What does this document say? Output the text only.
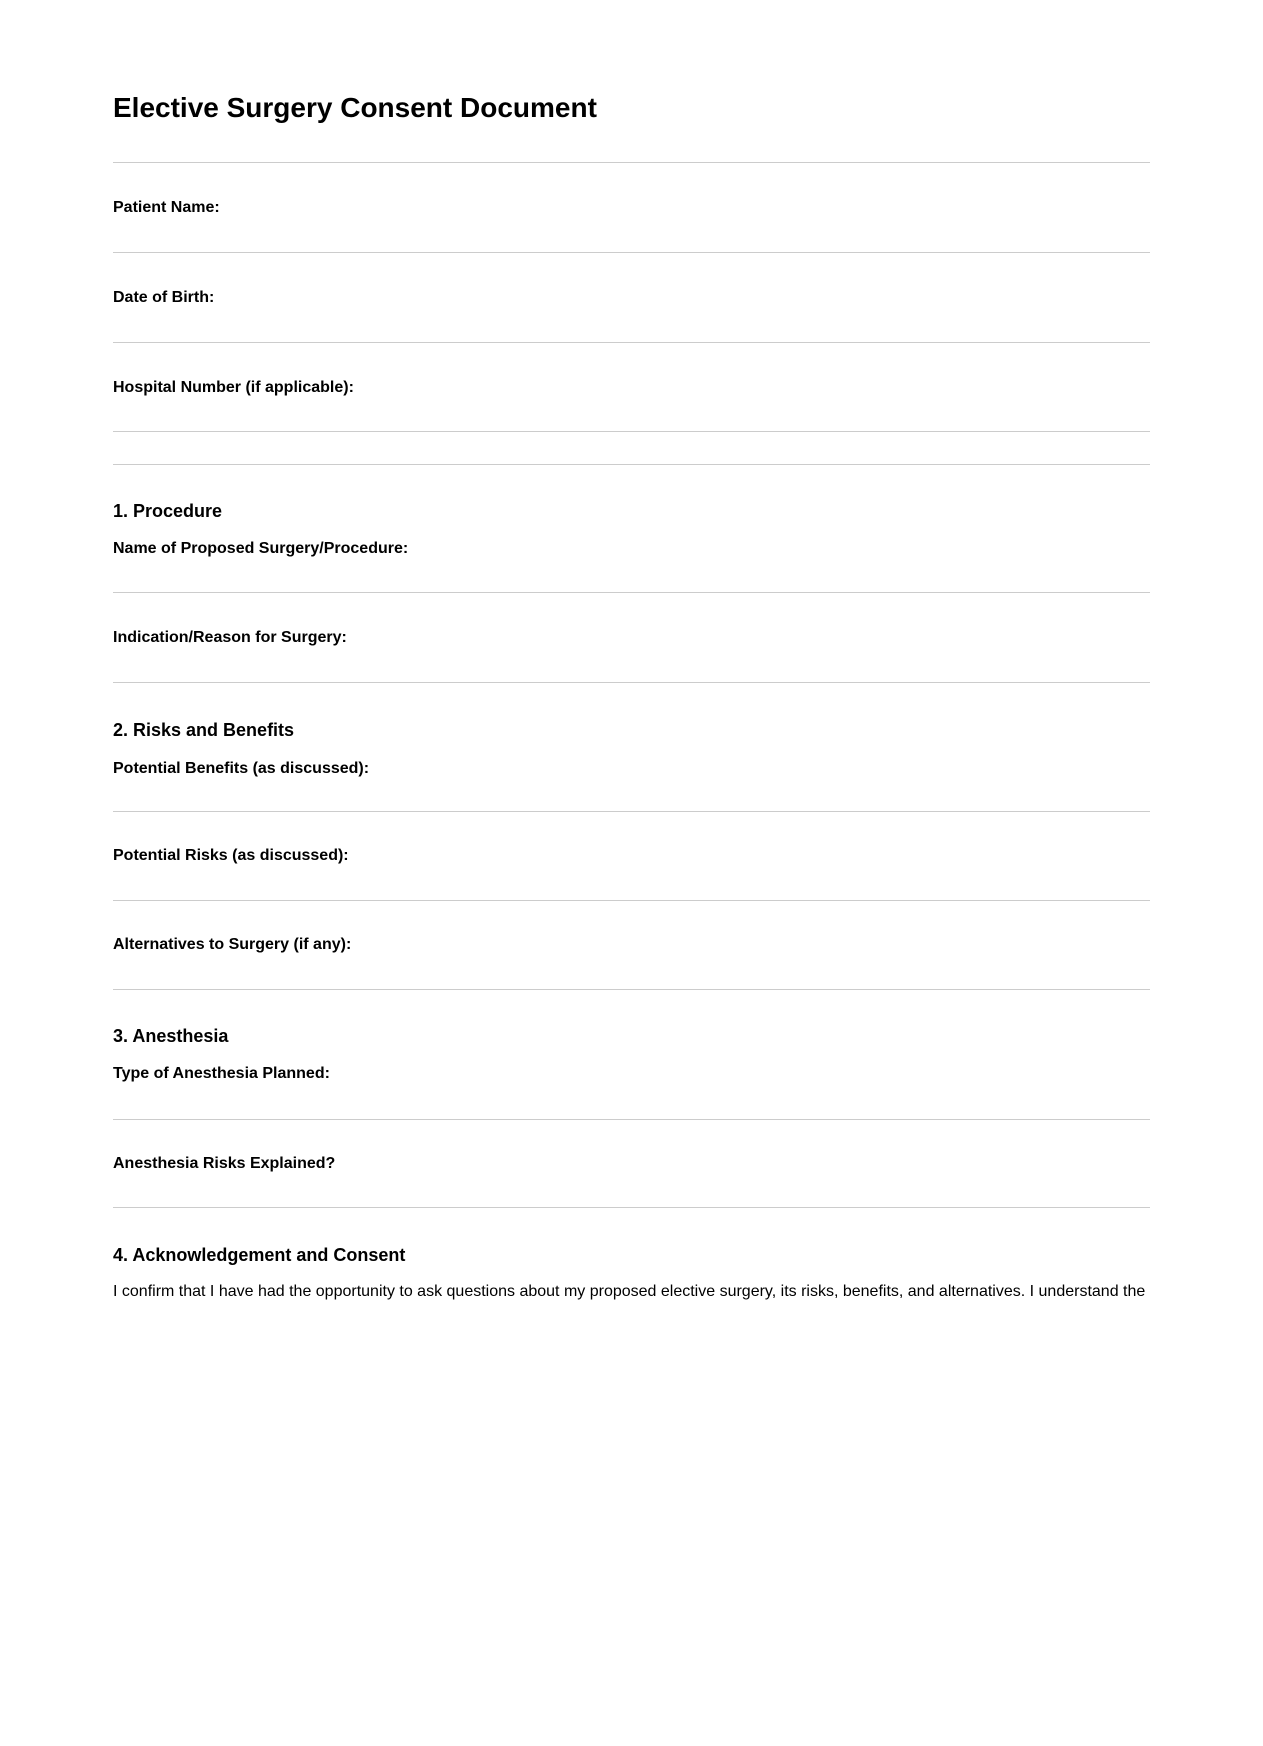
Elective Surgery Consent Document
Patient Name:
Date of Birth:
Hospital Number (if applicable):
1. Procedure
Name of Proposed Surgery/Procedure:
Indication/Reason for Surgery:
2. Risks and Benefits
Potential Benefits (as discussed):
Potential Risks (as discussed):
Alternatives to Surgery (if any):
3. Anesthesia
Type of Anesthesia Planned:
Anesthesia Risks Explained?
4. Acknowledgement and Consent

I confirm that I have had the opportunity to ask questions about my proposed elective surgery, its risks, benefits, and alternatives. I understand the
